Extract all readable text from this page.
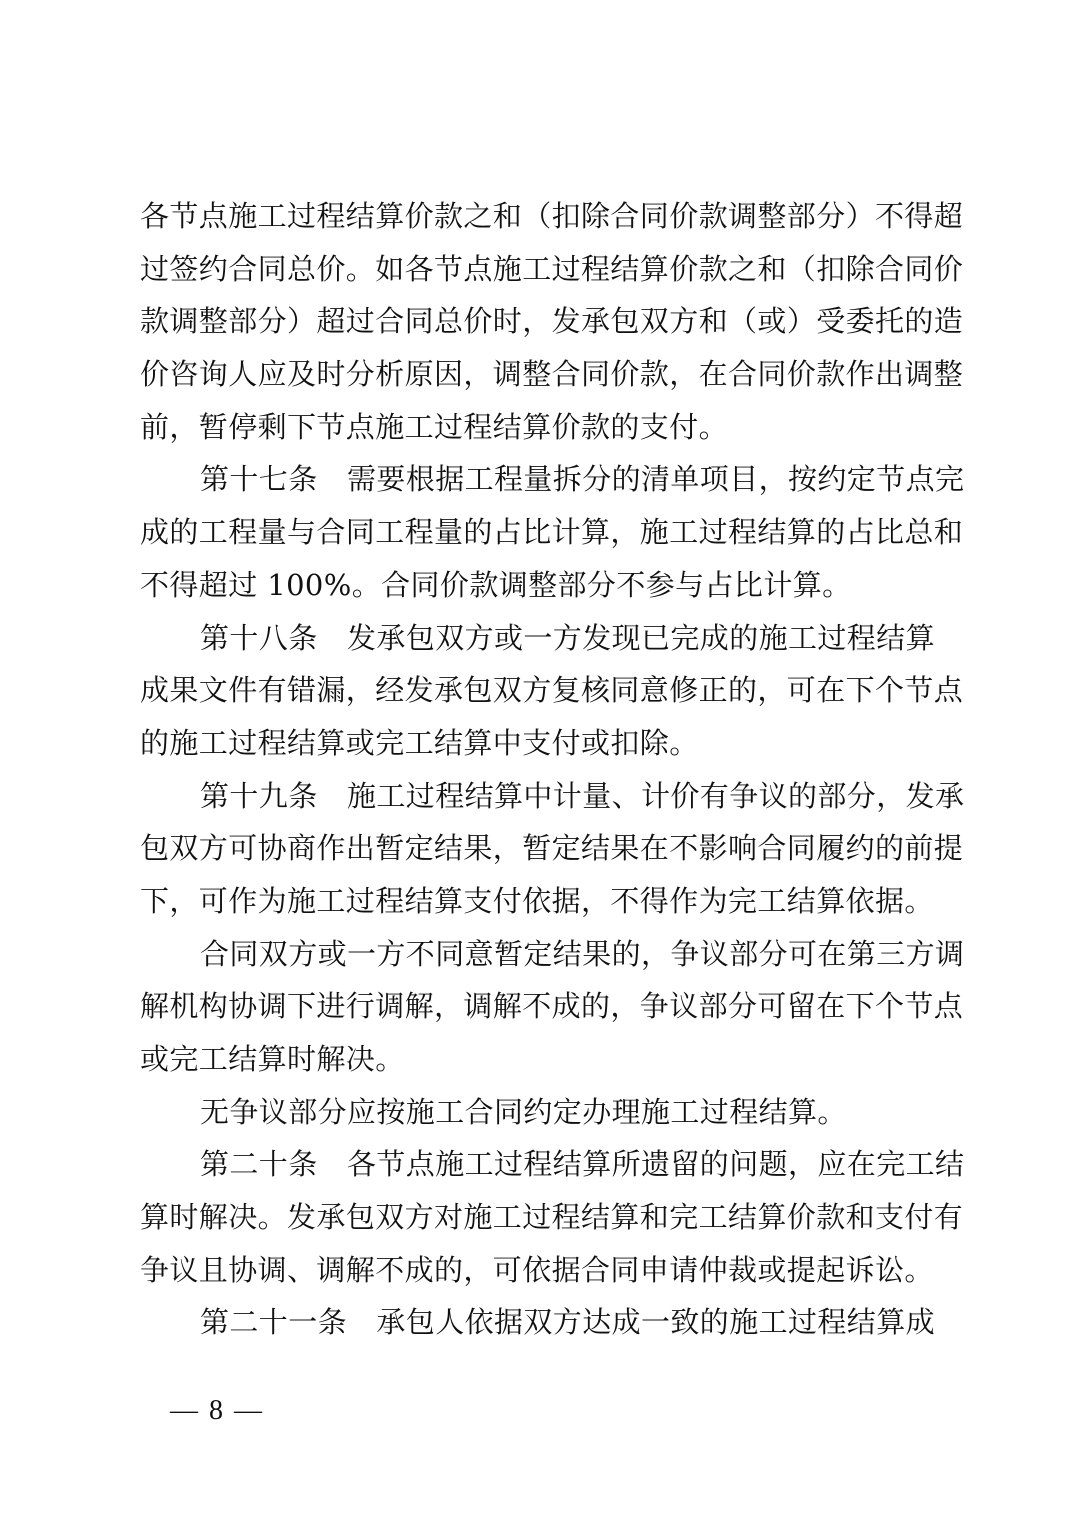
各节点施工过程结算价款之和（扣除合同价款调整部分）不得超
过签约合同总价。如各节点施工过程结算价款之和（扣除合同价
款调整部分）超过合同总价时，发承包双方和（或）受委托的造
价咨询人应及时分析原因，调整合同价款，在合同价款作出调整
前，暂停剩下节点施工过程结算价款的支付。
第十七条　需要根据工程量拆分的清单项目，按约定节点完
成的工程量与合同工程量的占比计算，施工过程结算的占比总和
不得超过 100%。合同价款调整部分不参与占比计算。
第十八条　发承包双方或一方发现已完成的施工过程结算
成果文件有错漏，经发承包双方复核同意修正的，可在下个节点
的施工过程结算或完工结算中支付或扣除。
第十九条　施工过程结算中计量、计价有争议的部分，发承
包双方可协商作出暂定结果，暂定结果在不影响合同履约的前提
下，可作为施工过程结算支付依据，不得作为完工结算依据。
合同双方或一方不同意暂定结果的，争议部分可在第三方调
解机构协调下进行调解，调解不成的，争议部分可留在下个节点
或完工结算时解决。
无争议部分应按施工合同约定办理施工过程结算。
第二十条　各节点施工过程结算所遗留的问题，应在完工结
算时解决。发承包双方对施工过程结算和完工结算价款和支付有
争议且协调、调解不成的，可依据合同申请仲裁或提起诉讼。
第二十一条　承包人依据双方达成一致的施工过程结算成
— 8 —
